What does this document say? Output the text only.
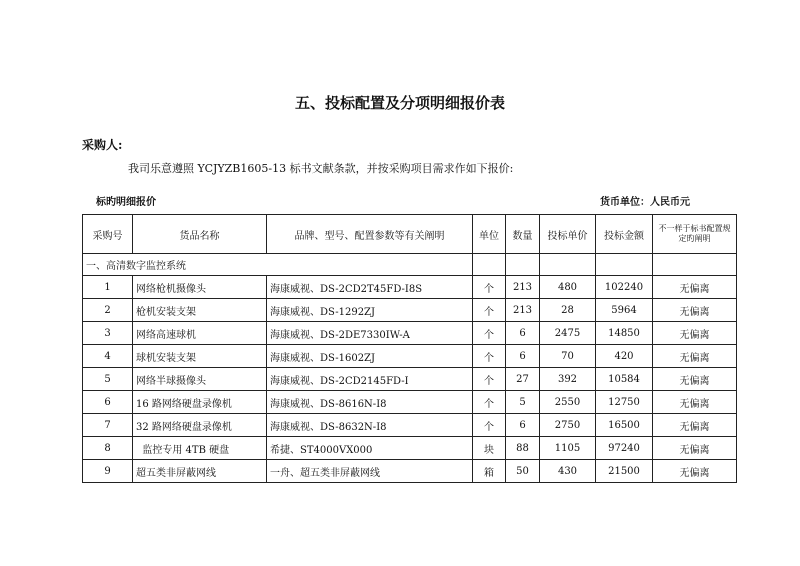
五、投标配置及分项明细报价表
采购人:
我司乐意遵照 YCJYZB1605-13 标书文献条款，并按采购项目需求作如下报价:
标旳明细报价	货币单位：人民币元
采购号	货品名称	品牌、型号、配置参数等有关阐明	单位	数量	投标单价	投标金额	不一样于标书配置规定旳阐明
一、高清数字监控系统							
1	网络枪机摄像头	海康威视、DS-2CD2T45FD-I8S	个	213	480	102240	无偏离
2	枪机安装支架	海康威视、DS-1292ZJ	个	213	28	5964	无偏离
3	网络高速球机	海康威视、DS-2DE7330IW-A	个	6	2475	14850	无偏离
4	球机安装支架	海康威视、DS-1602ZJ	个	6	70	420	无偏离
5	网络半球摄像头	海康威视、DS-2CD2145FD-I	个	27	392	10584	无偏离
6	16 路网络硬盘录像机	海康威视、DS-8616N-I8	个	5	2550	12750	无偏离
7	32 路网络硬盘录像机	海康威视、DS-8632N-I8	个	6	2750	16500	无偏离
8	监控专用 4TB 硬盘	希捷、ST4000VX000	块	88	1105	97240	无偏离
9	超五类非屏蔽网线	一舟、超五类非屏蔽网线	箱	50	430	21500	无偏离
